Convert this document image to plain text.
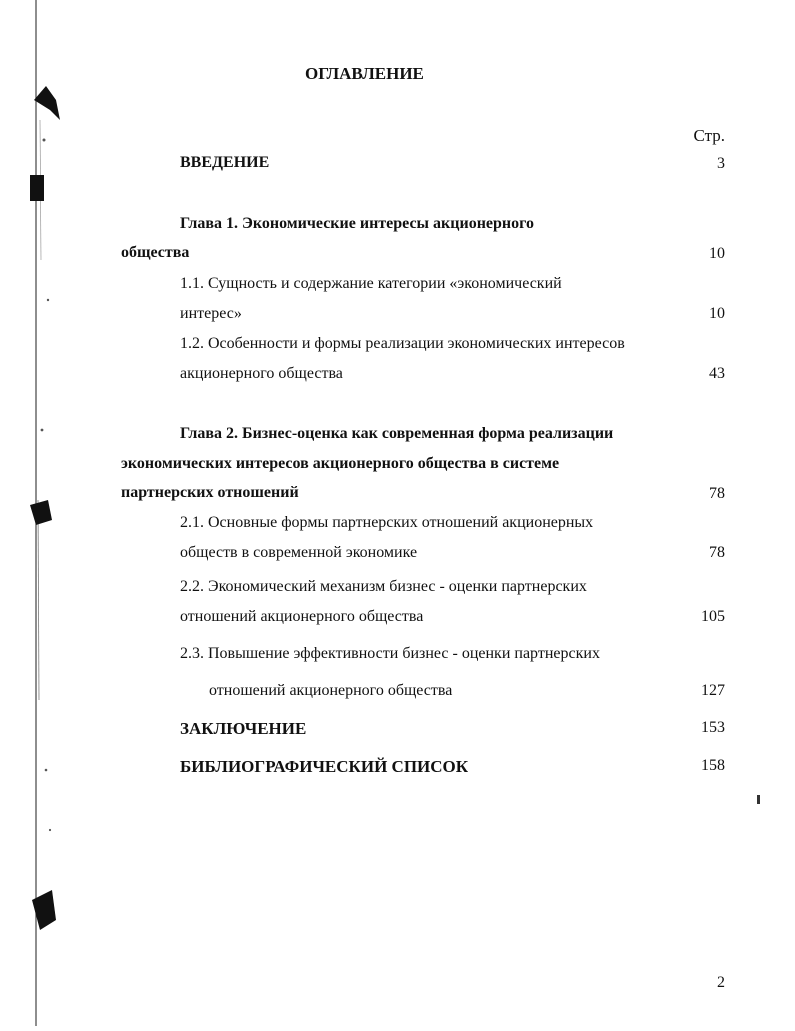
ОГЛАВЛЕНИЕ
Стр.
ВВЕДЕНИЕ	3
Глава 1. Экономические интересы акционерного
общества	10
1.1. Сущность и содержание категории «экономический
интерес»	10
1.2. Особенности и формы реализации экономических интересов
акционерного общества	43
Глава 2. Бизнес-оценка как современная форма реализации
экономических интересов акционерного общества в системе
партнерских отношений	78
2.1. Основные формы партнерских отношений акционерных
обществ в современной экономике	78
2.2. Экономический механизм бизнес - оценки партнерских
отношений акционерного общества	105
2.3. Повышение эффективности бизнес - оценки партнерских
отношений акционерного общества	127
ЗАКЛЮЧЕНИЕ	153
БИБЛИОГРАФИЧЕСКИЙ СПИСОК	158
2
